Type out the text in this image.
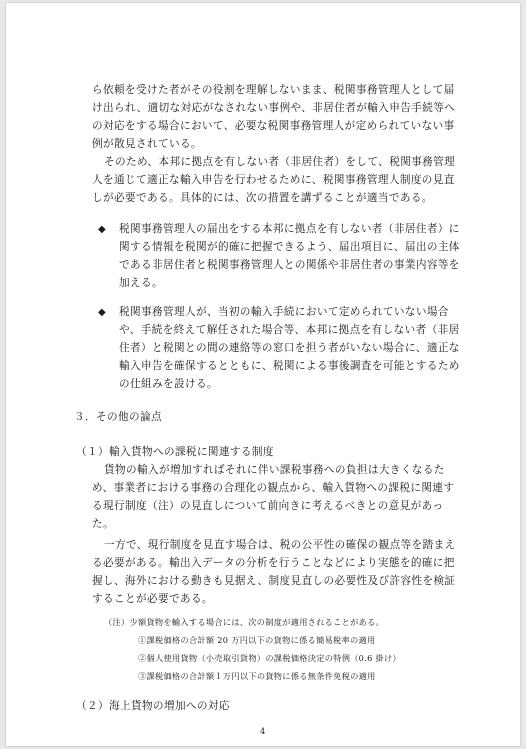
ら依頼を受けた者がその役割を理解しないまま、税関事務管理人として届
け出られ、適切な対応がなされない事例や、非居住者が輸入申告手続等へ
の対応をする場合において、必要な税関事務管理人が定められていない事
例が散見されている。
そのため、本邦に拠点を有しない者（非居住者）をして、税関事務管理
人を通じて適正な輸入申告を行わせるために、税関事務管理人制度の見直
しが必要である。具体的には、次の措置を講ずることが適当である。
◆ 税関事務管理人の届出をする本邦に拠点を有しない者（非居住者）に
関する情報を税関が的確に把握できるよう、届出項目に、届出の主体
である非居住者と税関事務管理人との関係や非居住者の事業内容等を
加える。
◆ 税関事務管理人が、当初の輸入手続において定められていない場合
や、手続を終えて解任された場合等、本邦に拠点を有しない者（非居
住者）と税関との間の連絡等の窓口を担う者がいない場合に、適正な
輸入申告を確保するとともに、税関による事後調査を可能とするため
の仕組みを設ける。
３．その他の論点
（１）輸入貨物への課税に関連する制度
貨物の輸入が増加すればそれに伴い課税事務への負担は大きくなるた
め、事業者における事務の合理化の観点から、輸入貨物への課税に関連す
る現行制度（注）の見直しについて前向きに考えるべきとの意見があっ
た。
一方で、現行制度を見直す場合は、税の公平性の確保の観点等を踏まえ
る必要がある。輸出入データの分析を行うことなどにより実態を的確に把
握し、海外における動きも見据え、制度見直しの必要性及び許容性を検証
することが必要である。
（注）少額貨物を輸入する場合には、次の制度が適用されることがある。
①課税価格の合計額 20 万円以下の貨物に係る簡易税率の適用
②個人使用貨物（小売取引貨物）の課税価格決定の特例（0.6 掛け）
③課税価格の合計額１万円以下の貨物に係る無条件免税の適用
（２）海上貨物の増加への対応
4
